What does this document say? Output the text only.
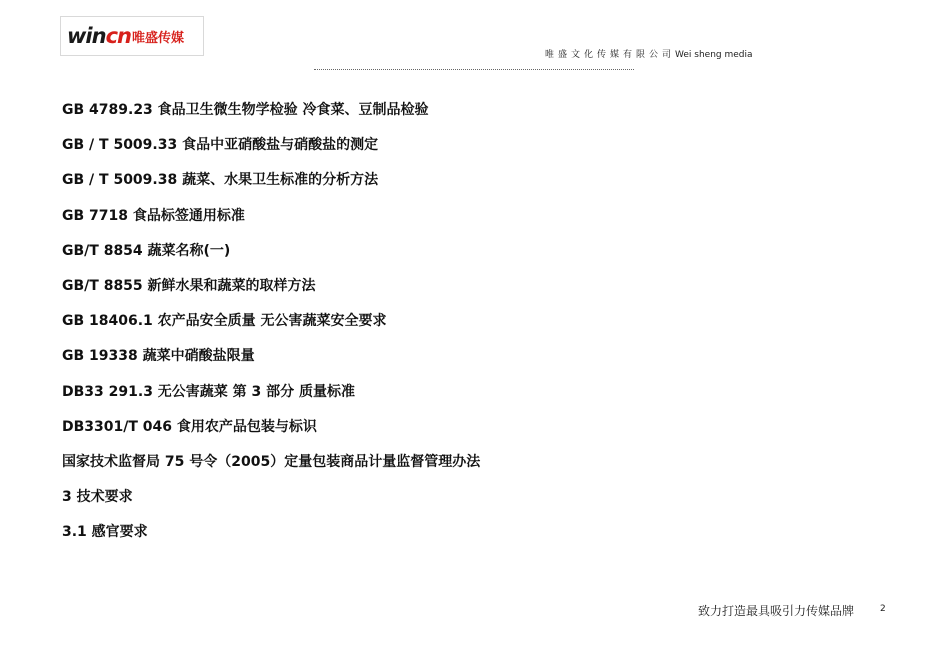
wincn 唯盛传媒
唯盛文化传媒有限公司Wei sheng media
GB 4789.23 食品卫生微生物学检验 冷食菜、豆制品检验
GB / T 5009.33 食品中亚硝酸盐与硝酸盐的测定
GB / T 5009.38 蔬菜、水果卫生标准的分析方法
GB 7718 食品标签通用标准
GB/T 8854 蔬菜名称(一)
GB/T 8855 新鲜水果和蔬菜的取样方法
GB 18406.1 农产品安全质量 无公害蔬菜安全要求
GB 19338 蔬菜中硝酸盐限量
DB33 291.3 无公害蔬菜 第 3 部分 质量标准
DB3301/T 046 食用农产品包装与标识
国家技术监督局 75 号令（2005）定量包装商品计量监督管理办法
3 技术要求
3.1 感官要求
致力打造最具吸引力传媒品牌	2
